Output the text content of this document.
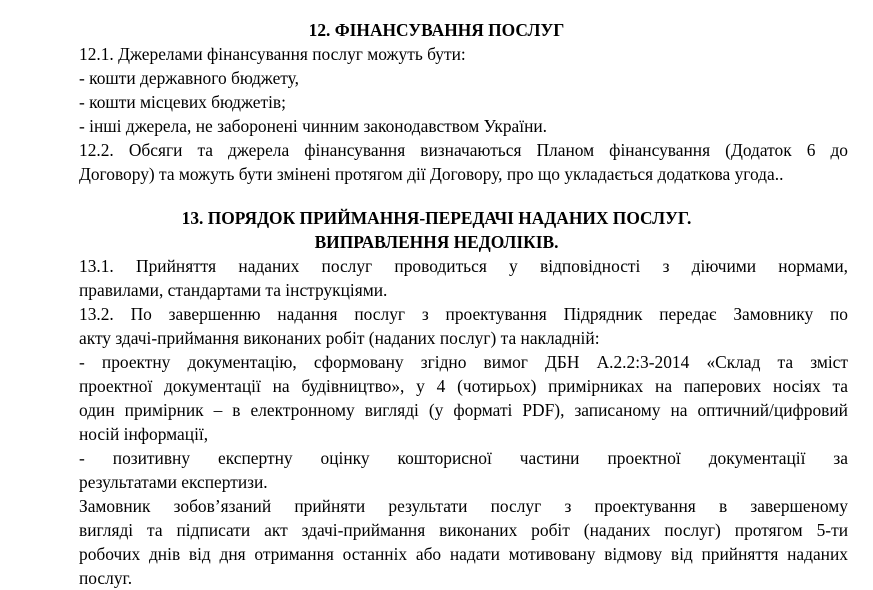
12. ФІНАНСУВАННЯ ПОСЛУГ
12.1. Джерелами фінансування послуг можуть бути:
- кошти державного бюджету,
- кошти місцевих бюджетів;
- інші джерела, не заборонені чинним законодавством України.
12.2. Обсяги та джерела фінансування визначаються Планом фінансування (Додаток 6 до
Договору) та можуть бути змінені протягом дії Договору, про що укладається додаткова угода..
13. ПОРЯДОК ПРИЙМАННЯ-ПЕРЕДАЧІ НАДАНИХ ПОСЛУГ.
ВИПРАВЛЕННЯ НЕДОЛІКІВ.
13.1. Прийняття наданих послуг проводиться у відповідності з діючими нормами,
правилами, стандартами та інструкціями.
13.2. По завершенню надання послуг з проектування Підрядник передає Замовнику по
акту здачі-приймання виконаних робіт (наданих послуг) та накладній:
- проектну документацію, сформовану згідно вимог ДБН А.2.2:3-2014 «Склад та зміст
проектної документації на будівництво», у 4 (чотирьох) примірниках на паперових носіях та
один примірник – в електронному вигляді (у форматі PDF), записаному на оптичний/цифровий
носій інформації,
- позитивну експертну оцінку кошторисної частини проектної документації за
результатами експертизи.
Замовник зобов’язаний прийняти результати послуг з проектування в завершеному
вигляді та підписати акт здачі-приймання виконаних робіт (наданих послуг) протягом 5-ти
робочих днів від дня отримання останніх або надати мотивовану відмову від прийняття наданих
послуг.
